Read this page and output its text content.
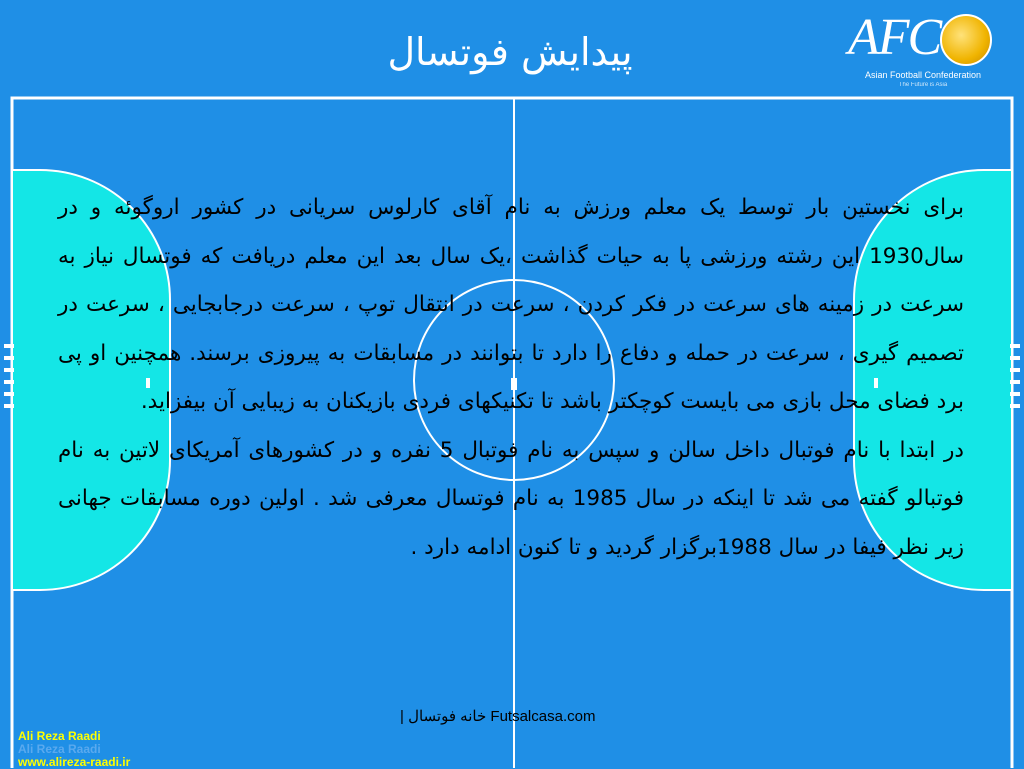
پیدایش فوتسال	AFC
Asian Football Confederation
The Future is Asia

برای نخستین بار توسط یک معلم ورزش به نام آقای کارلوس سریانی در کشور اروگوئه و در سال1930 این رشته ورزشی پا به حیات گذاشت ،یک سال بعد این معلم دریافت که فوتسال نیاز به سرعت در زمینه های سرعت در فکر کردن ، سرعت در انتقال توپ ، سرعت درجابجایی ، سرعت در تصمیم گیری ، سرعت در حمله و دفاع را دارد تا بتوانند در مسابقات به پیروزی برسند. همچنین او پی برد فضای محل بازی می بایست کوچکتر باشد تا تکنیکهای فردی بازیکنان به زیبایی آن بیفزاید.

در ابتدا با نام فوتبال داخل سالن و سپس به نام فوتبال 5 نفره و در کشورهای آمریکای لاتین به نام فوتبالو گفته می شد تا اینکه در سال 1985 به نام فوتسال معرفی شد . اولین دوره مسابقات جهانی زیر نظر فیفا در سال 1988برگزار گردید و تا کنون ادامه دارد .

Futsalcasa.com خانه فوتسال |
Ali Reza Raadi
Ali Reza Raadi
www.alireza-raadi.ir
